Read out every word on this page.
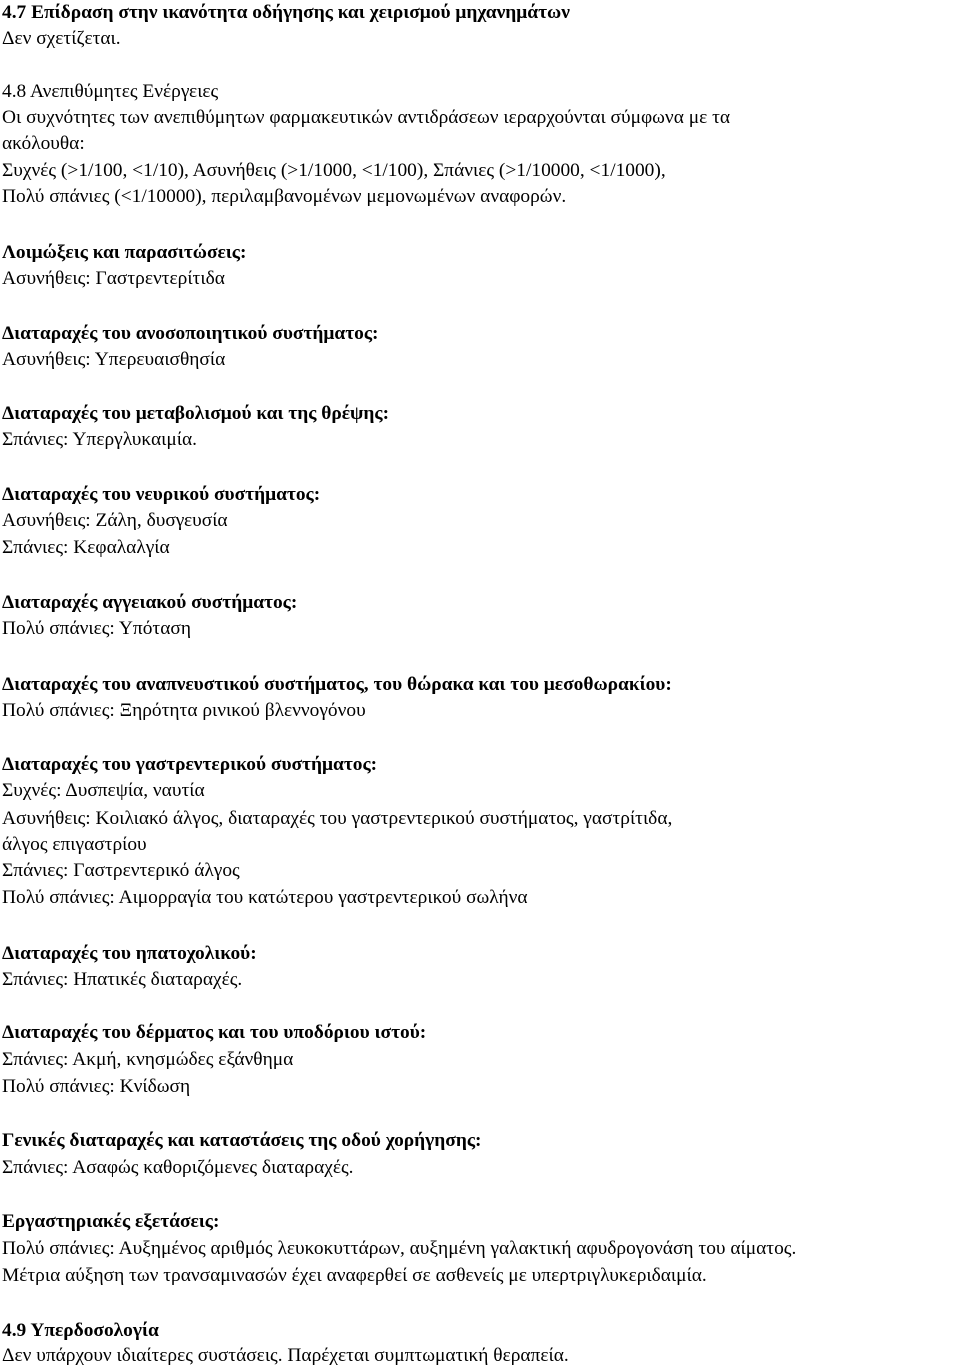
4.7 Επίδραση στην ικανότητα οδήγησης και χειρισμού μηχανημάτων
Δεν σχετίζεται.
4.8 Ανεπιθύμητες Ενέργειες
Οι συχνότητες των ανεπιθύμητων φαρμακευτικών αντιδράσεων ιεραρχούνται σύμφωνα με τα
ακόλουθα:
Συχνές (>1/100, <1/10), Ασυνήθεις (>1/1000, <1/100), Σπάνιες (>1/10000, <1/1000),
Πολύ σπάνιες (<1/10000), περιλαμβανομένων μεμονωμένων αναφορών.
Λοιμώξεις και παρασιτώσεις:
Ασυνήθεις: Γαστρεντερίτιδα
Διαταραχές του ανοσοποιητικού συστήματος:
Ασυνήθεις: Υπερευαισθησία
Διαταραχές του μεταβολισμού και της θρέψης:
Σπάνιες: Υπεργλυκαιμία.
Διαταραχές του νευρικού συστήματος:
Ασυνήθεις: Ζάλη, δυσγευσία
Σπάνιες: Κεφαλαλγία
Διαταραχές αγγειακού συστήματος:
Πολύ σπάνιες: Υπόταση
Διαταραχές του αναπνευστικού συστήματος, του θώρακα και του μεσοθωρακίου:
Πολύ σπάνιες: Ξηρότητα ρινικού βλεννογόνου
Διαταραχές του γαστρεντερικού συστήματος:
Συχνές: Δυσπεψία, ναυτία
Ασυνήθεις: Κοιλιακό άλγος, διαταραχές του γαστρεντερικού συστήματος, γαστρίτιδα,
άλγος επιγαστρίου
Σπάνιες: Γαστρεντερικό άλγος
Πολύ σπάνιες: Αιμορραγία του κατώτερου γαστρεντερικού σωλήνα
Διαταραχές του ηπατοχολικού:
Σπάνιες: Ηπατικές διαταραχές.
Διαταραχές του δέρματος και του υποδόριου ιστού:
Σπάνιες: Ακμή, κνησμώδες εξάνθημα
Πολύ σπάνιες: Κνίδωση
Γενικές διαταραχές και καταστάσεις της οδού χορήγησης:
Σπάνιες: Ασαφώς καθοριζόμενες διαταραχές.
Εργαστηριακές εξετάσεις:
Πολύ σπάνιες: Αυξημένος αριθμός λευκοκυττάρων, αυξημένη γαλακτική αφυδρογονάση του αίματος.
Μέτρια αύξηση των τρανσαμινασών έχει αναφερθεί σε ασθενείς με υπερτριγλυκεριδαιμία.
4.9 Υπερδοσολογία
Δεν υπάρχουν ιδιαίτερες συστάσεις. Παρέχεται συμπτωματική θεραπεία.
